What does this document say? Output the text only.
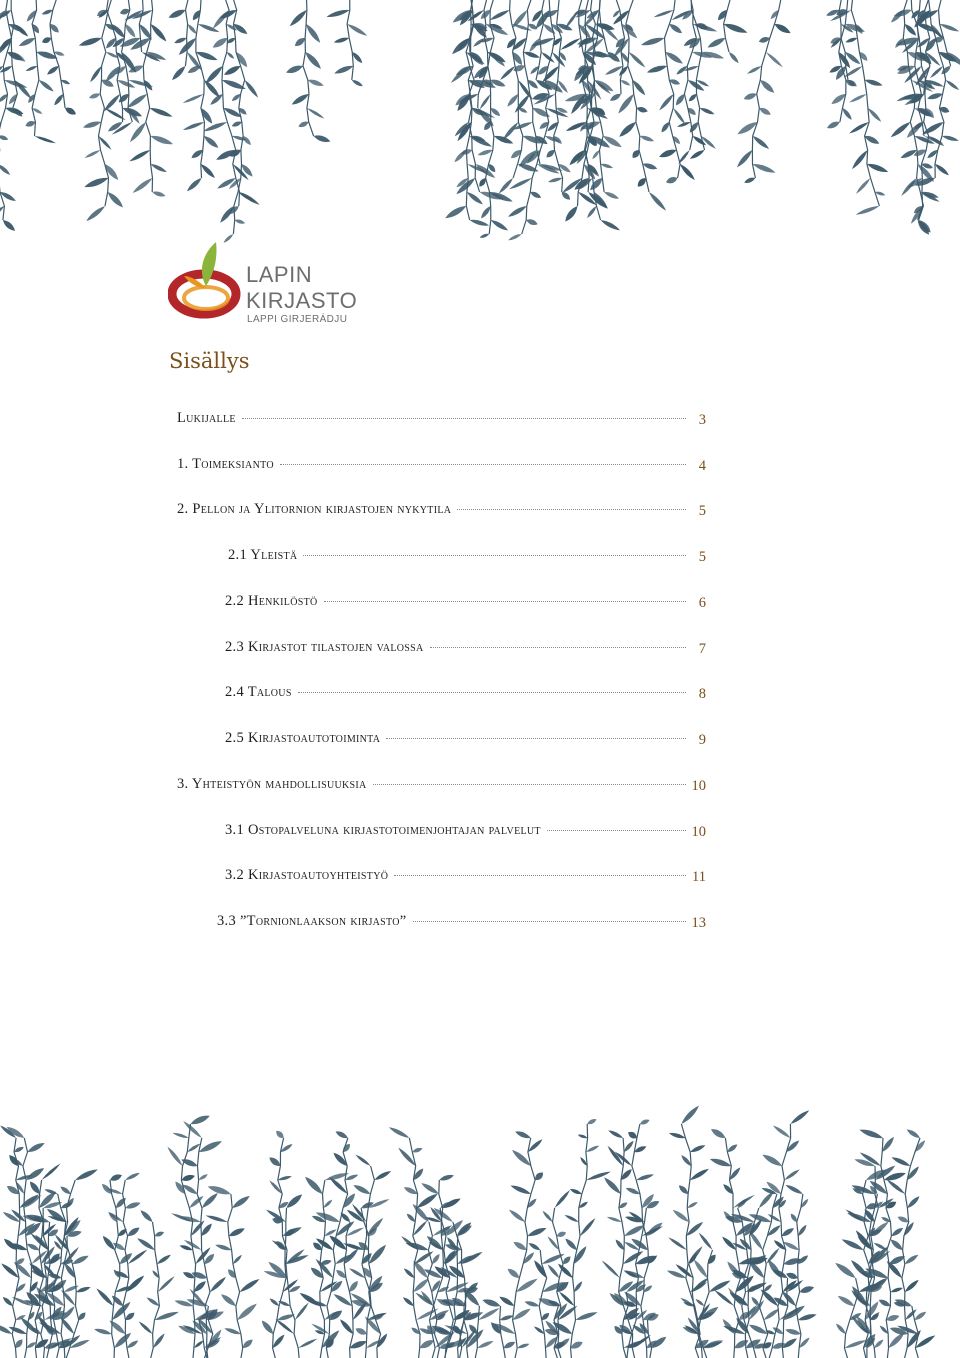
LAPIN
KIRJASTO
LAPPI GIRJERÁDJU
Sisällys
Lukijalle	3
1. Toimeksianto	4
2. Pellon ja Ylitornion kirjastojen nykytila	5
2.1 Yleistä	5
2.2 Henkilöstö	6
2.3 Kirjastot tilastojen valossa	7
2.4 Talous	8
2.5 Kirjastoautotoiminta	9
3. Yhteistyön mahdollisuuksia	10
3.1 Ostopalveluna kirjastotoimenjohtajan palvelut	10
3.2 Kirjastoautoyhteistyö	11
3.3 ”Tornionlaakson kirjasto”	13
